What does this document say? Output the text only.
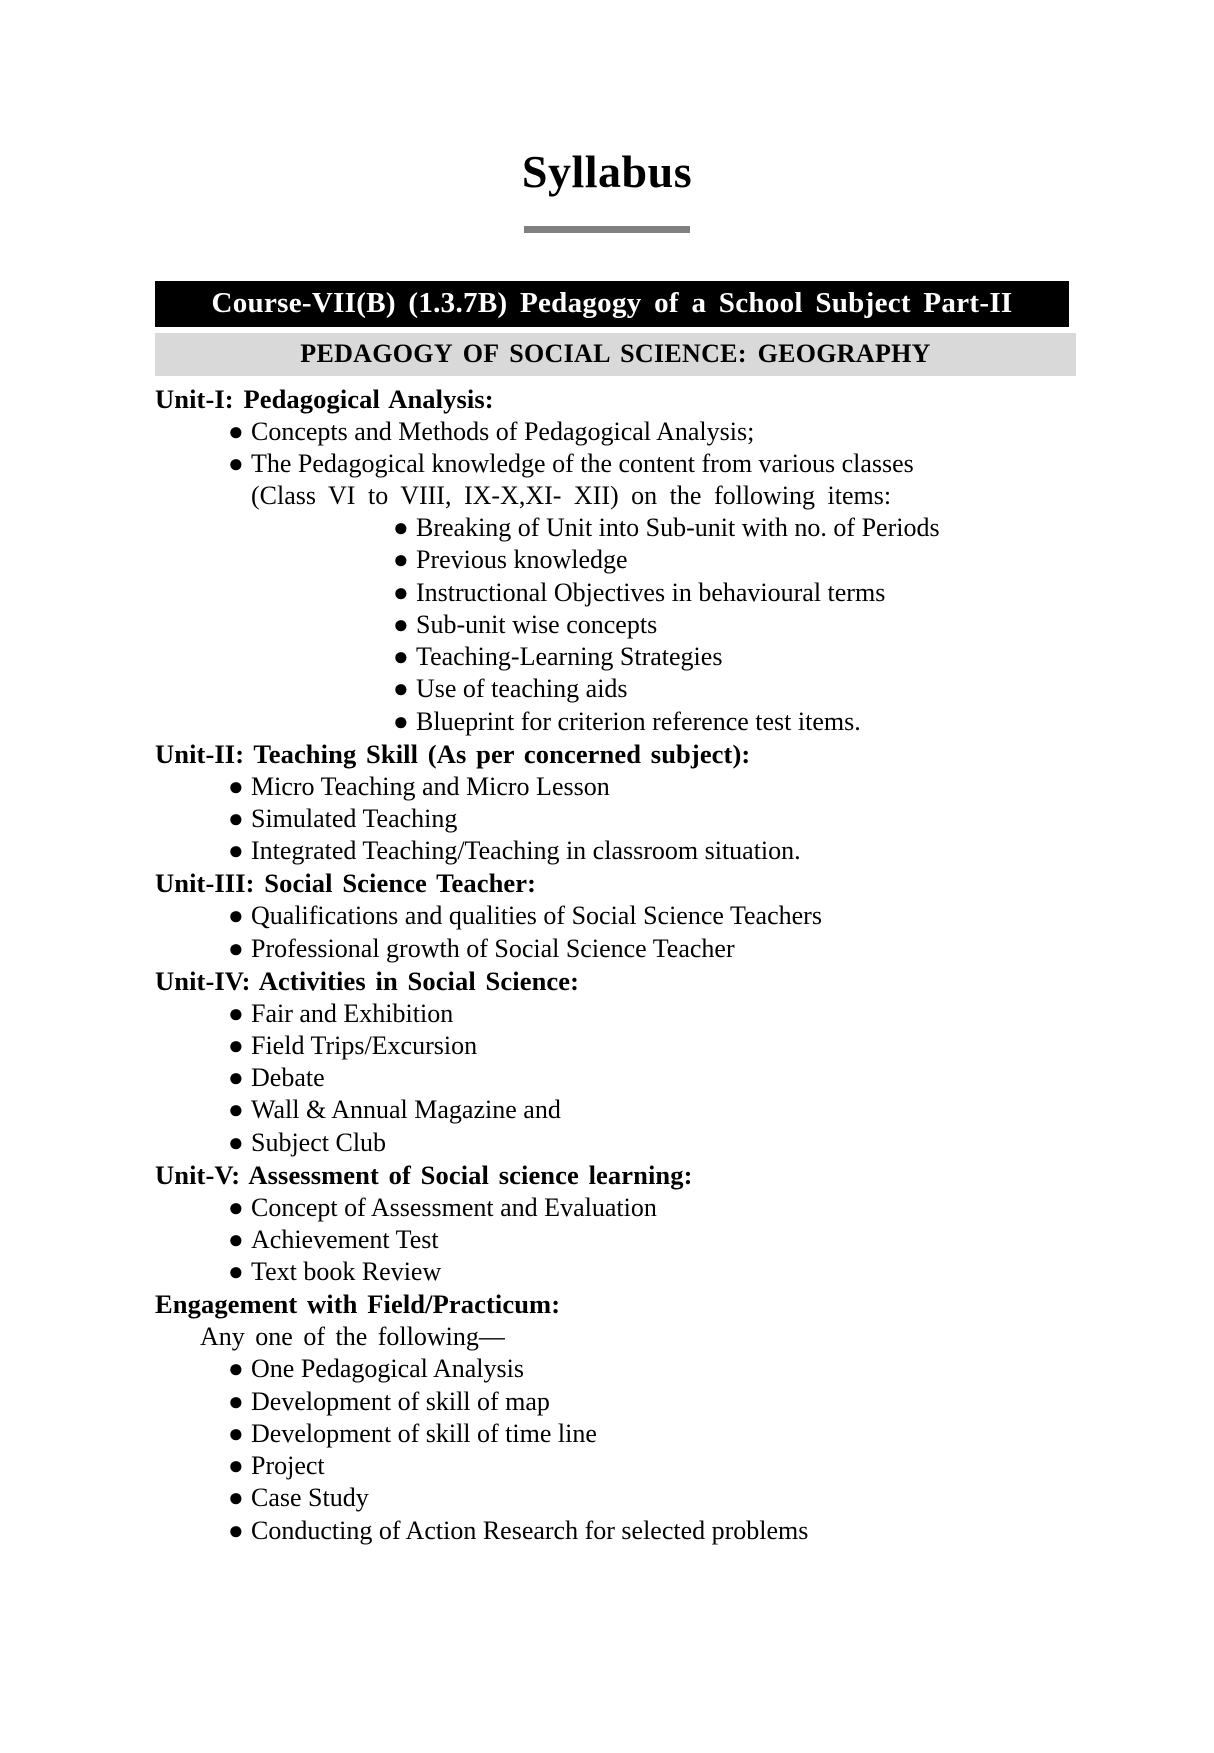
Syllabus
Course-VII(B) (1.3.7B) Pedagogy of a School Subject Part-II
PEDAGOGY OF SOCIAL SCIENCE: GEOGRAPHY
Unit-I: Pedagogical Analysis:
● Concepts and Methods of Pedagogical Analysis;
● The Pedagogical knowledge of the content from various classes
(Class VI to VIII, IX-X,XI- XII) on the following items:
● Breaking of Unit into Sub-unit with no. of Periods
● Previous knowledge
● Instructional Objectives in behavioural terms
● Sub-unit wise concepts
● Teaching-Learning Strategies
● Use of teaching aids
● Blueprint for criterion reference test items.
Unit-II: Teaching Skill (As per concerned subject):
● Micro Teaching and Micro Lesson
● Simulated Teaching
● Integrated Teaching/Teaching in classroom situation.
Unit-III: Social Science Teacher:
● Qualifications and qualities of Social Science Teachers
● Professional growth of Social Science Teacher
Unit-IV: Activities in Social Science:
● Fair and Exhibition
● Field Trips/Excursion
● Debate
● Wall & Annual Magazine and
● Subject Club
Unit-V: Assessment of Social science learning:
● Concept of Assessment and Evaluation
● Achievement Test
● Text book Review
Engagement with Field/Practicum:
Any one of the following—
● One Pedagogical Analysis
● Development of skill of map
● Development of skill of time line
● Project
● Case Study
● Conducting of Action Research for selected problems
